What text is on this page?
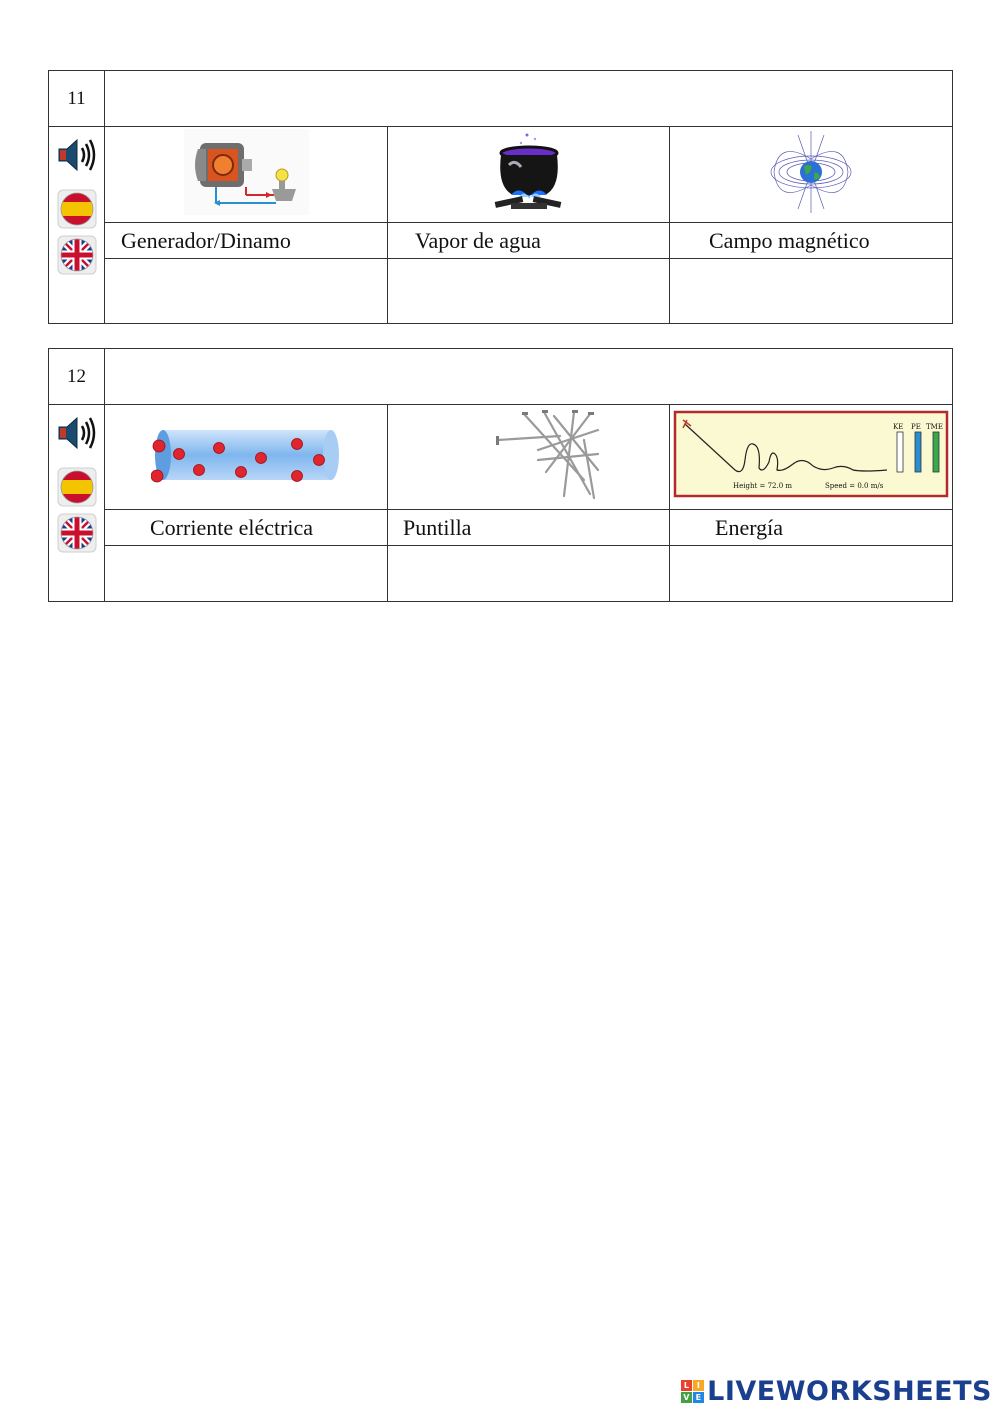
11			

	Generador/Dinamo	Vapor de agua	Campo magnético

12			

KE PE TME
Height = 72.0 m Speed = 0.0 m/s

	Corriente eléctrica	Puntilla	Energía

L I
V E LIVEWORKSHEETS
